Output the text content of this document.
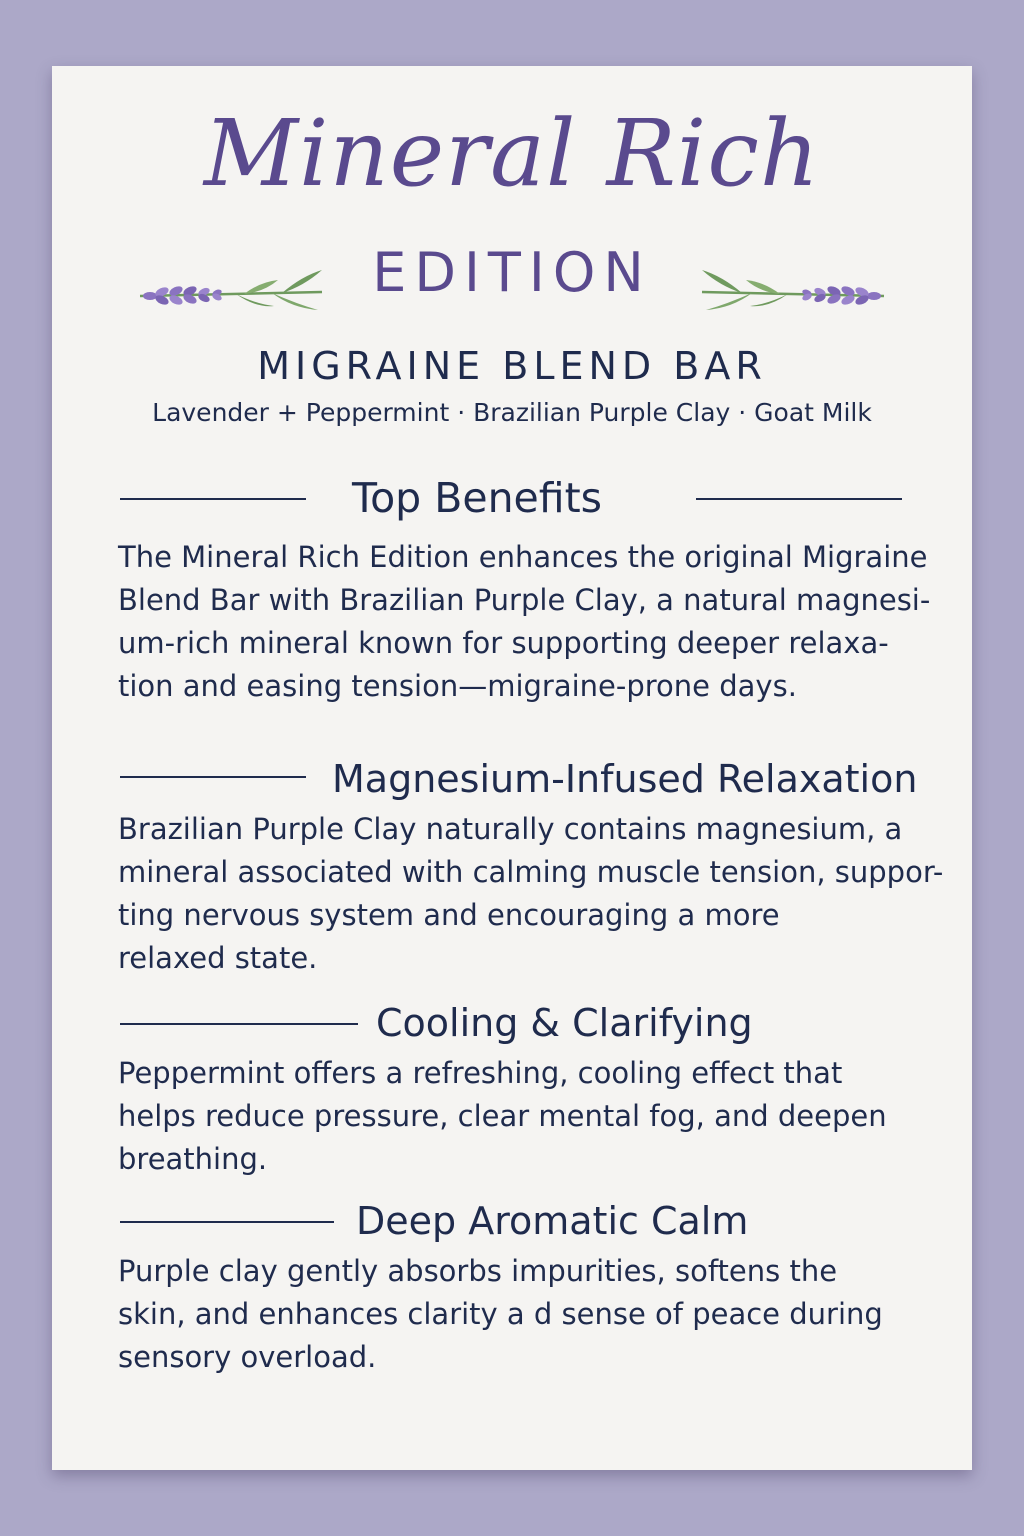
Mineral Rich
EDITION
MIGRAINE BLEND BAR
Lavender + Peppermint · Brazilian Purple Clay · Goat Milk
Top Benefits
The Mineral Rich Edition enhances the original Migraine
Blend Bar with Brazilian Purple Clay, a natural magnesi-
um-rich mineral known for supporting deeper relaxa-
tion and easing tension—migraine-prone days.
Magnesium-Infused Relaxation
Brazilian Purple Clay naturally contains magnesium, a
mineral associated with calming muscle tension, suppor-
ting nervous system and encouraging a more
relaxed state.
Cooling & Clarifying
Peppermint offers a refreshing, cooling effect that
helps reduce pressure, clear mental fog, and deepen
breathing.
Deep Aromatic Calm
Purple clay gently absorbs impurities, softens the
skin, and enhances clarity a d sense of peace during
sensory overload.
